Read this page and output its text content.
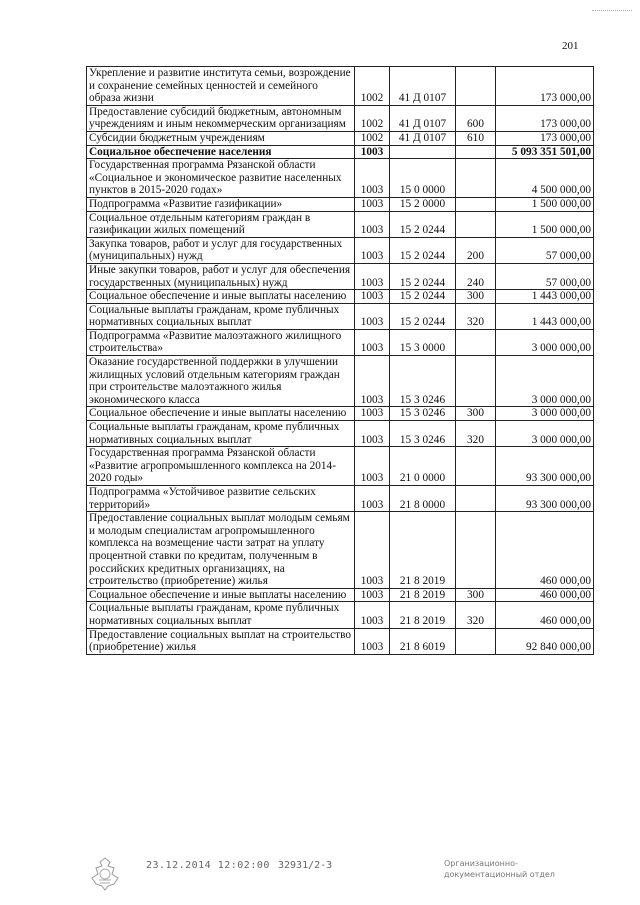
201
Укрепление и развитие института семьи, возрождение и сохранение семейных ценностей и семейного образа жизни	1002	41 Д 0107		173 000,00
Предоставление субсидий бюджетным, автономным учреждениям и иным некоммерческим организациям	1002	41 Д 0107	600	173 000,00
Субсидии бюджетным учреждениям	1002	41 Д 0107	610	173 000,00
Социальное обеспечение населения	1003			5 093 351 501,00
Государственная программа Рязанской области «Социальное и экономическое развитие населенных пунктов в 2015-2020 годах»	1003	15 0 0000		4 500 000,00
Подпрограмма «Развитие газификации»	1003	15 2 0000		1 500 000,00
Социальное отдельным категориям граждан в газификации жилых помещений	1003	15 2 0244		1 500 000,00
Закупка товаров, работ и услуг для государственных (муниципальных) нужд	1003	15 2 0244	200	57 000,00
Иные закупки товаров, работ и услуг для обеспечения государственных (муниципальных) нужд	1003	15 2 0244	240	57 000,00
Социальное обеспечение и иные выплаты населению	1003	15 2 0244	300	1 443 000,00
Социальные выплаты гражданам, кроме публичных нормативных социальных выплат	1003	15 2 0244	320	1 443 000,00
Подпрограмма «Развитие малоэтажного жилищного строительства»	1003	15 3 0000		3 000 000,00
Оказание государственной поддержки в улучшении жилищных условий отдельным категориям граждан при строительстве малоэтажного жилья экономического класса	1003	15 3 0246		3 000 000,00
Социальное обеспечение и иные выплаты населению	1003	15 3 0246	300	3 000 000,00
Социальные выплаты гражданам, кроме публичных нормативных социальных выплат	1003	15 3 0246	320	3 000 000,00
Государственная программа Рязанской области «Развитие агропромышленного комплекса на 2014-2020 годы»	1003	21 0 0000		93 300 000,00
Подпрограмма «Устойчивое развитие сельских территорий»	1003	21 8 0000		93 300 000,00
Предоставление социальных выплат молодым семьям и молодым специалистам агропромышленного комплекса на возмещение части затрат на уплату процентной ставки по кредитам, полученным в российских кредитных организациях, на строительство (приобретение) жилья	1003	21 8 2019		460 000,00
Социальное обеспечение и иные выплаты населению	1003	21 8 2019	300	460 000,00
Социальные выплаты гражданам, кроме публичных нормативных социальных выплат	1003	21 8 2019	320	460 000,00
Предоставление социальных выплат на строительство (приобретение) жилья	1003	21 8 6019		92 840 000,00
23.12.2014 12:02:00 32931/2-3	Организационно-
документационный отдел
